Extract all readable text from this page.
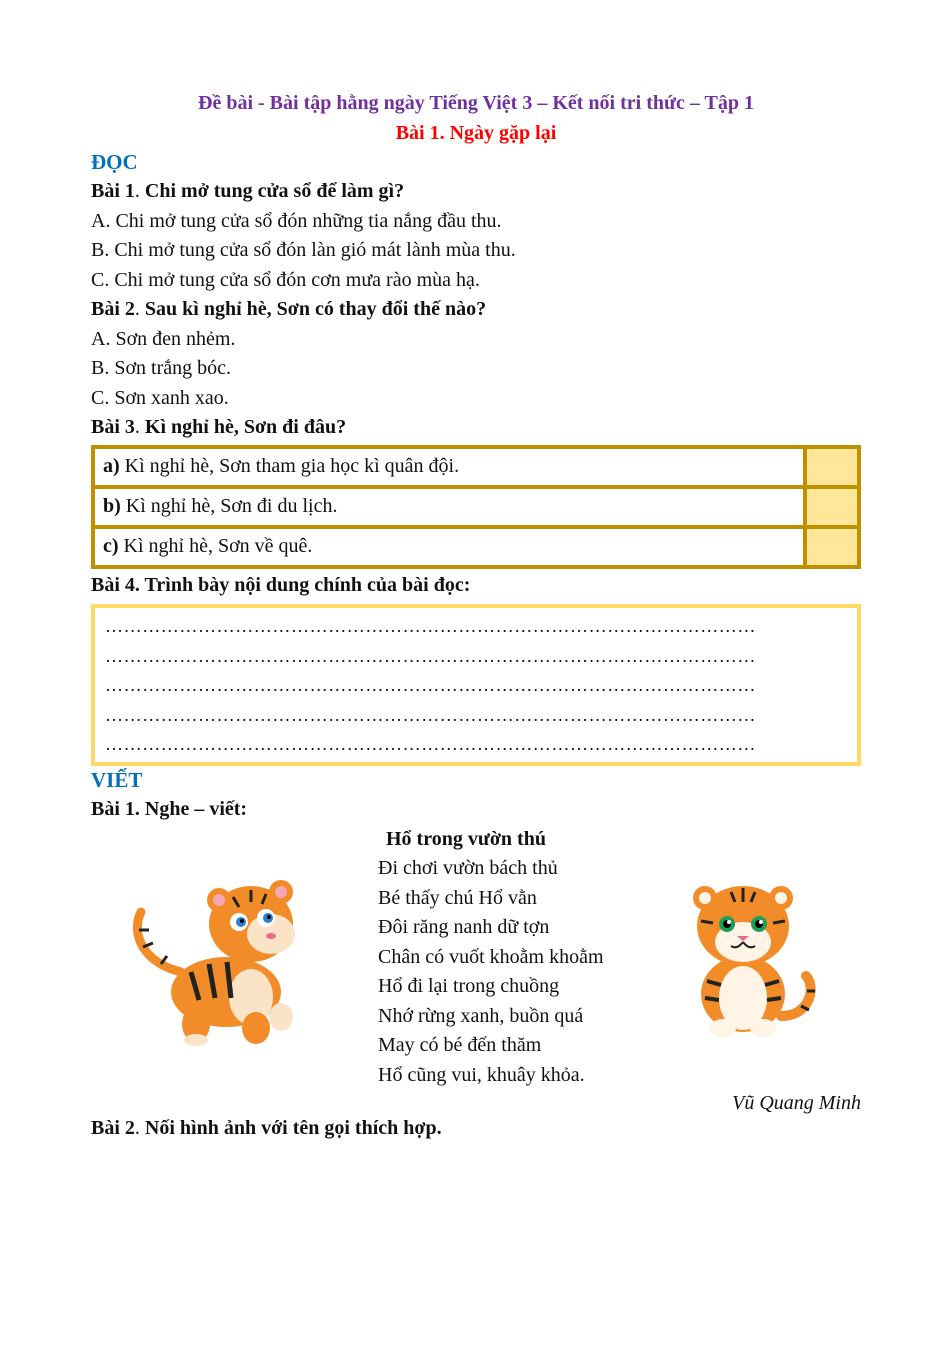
Đề bài - Bài tập hằng ngày Tiếng Việt 3 – Kết nối tri thức – Tập 1

Bài 1. Ngày gặp lại

ĐỌC

Bài 1. Chi mở tung cửa sổ để làm gì?

A. Chi mở tung cửa sổ đón những tia nắng đầu thu.

B. Chi mở tung cửa sổ đón làn gió mát lành mùa thu.

C. Chi mở tung cửa sổ đón cơn mưa rào mùa hạ.

Bài 2. Sau kì nghỉ hè, Sơn có thay đổi thế nào?

A. Sơn đen nhẻm.

B. Sơn trắng bóc.

C. Sơn xanh xao.

Bài 3. Kì nghỉ hè, Sơn đi đâu?

a) Kì nghỉ hè, Sơn tham gia học kì quân đội.	
b) Kì nghỉ hè, Sơn đi du lịch.	
c) Kì nghỉ hè, Sơn về quê.	

Bài 4. Trình bày nội dung chính của bài đọc:

……………………………………………………………………………………………
……………………………………………………………………………………………
……………………………………………………………………………………………
……………………………………………………………………………………………
……………………………………………………………………………………………

VIẾT

Bài 1. Nghe – viết:

Hổ trong vườn thú
Đi chơi vườn bách thủ
Bé thấy chú Hổ vằn
Đôi răng nanh dữ tợn
Chân có vuốt khoằm khoằm
Hổ đi lại trong chuồng
Nhớ rừng xanh, buồn quá
May có bé đến thăm
Hổ cũng vui, khuây khỏa.
Vũ Quang Minh

Bài 2. Nối hình ảnh với tên gọi thích hợp.
